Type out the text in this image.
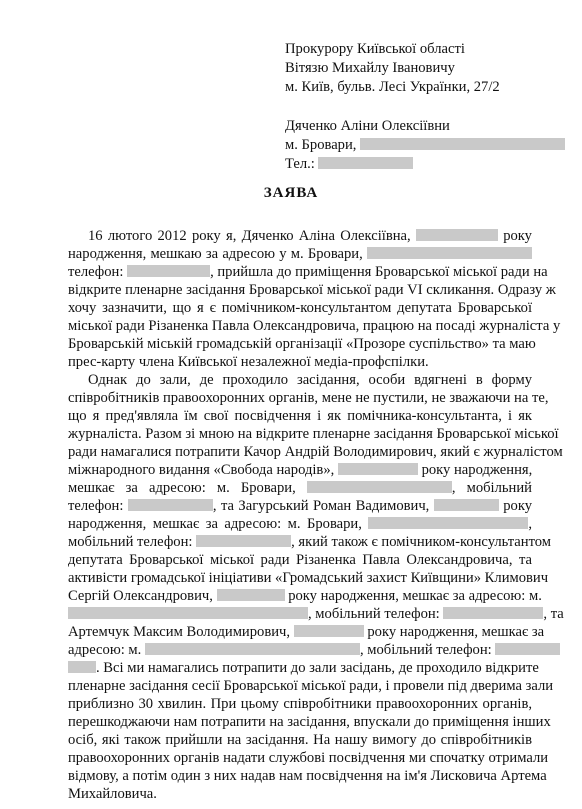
Прокурору Київської області
Вітязю Михайлу Івановичу
м. Київ, бульв. Лесі Українки, 27/2
Дяченко Аліни Олексіївни
м. Бровари,
Тел.:
ЗАЯВА
16 лютого 2012 року я, Дяченко Аліна Олексіївна,	року
народження, мешкаю за адресою у м. Бровари,
телефон:	, прийшла до приміщення Броварської міської ради на
відкрите пленарне засідання Броварської міської ради VI скликання. Одразу ж
хочу зазначити, що я є помічником-консультантом депутата Броварської
міської ради Різаненка Павла Олександровича, працюю на посаді журналіста у
Броварській міській громадській організації «Прозоре суспільство» та маю
прес-карту члена Київської незалежної медіа-профспілки.
Однак до зали, де проходило засідання, особи вдягнені в форму
співробітників правоохоронних органів, мене не пустили, не зважаючи на те,
що я пред'являла їм свої посвідчення і як помічника-консультанта, і як
журналіста. Разом зі мною на відкрите пленарне засідання Броварської міської
ради намагалися потрапити Качор Андрій Володимирович, який є журналістом
міжнародного видання «Свобода народів»,	року народження,
мешкає за адресою: м. Бровари,	, мобільний
телефон:	, та Загурський Роман Вадимович,	року
народження, мешкає за адресою: м. Бровари,	,
мобільний телефон:	, який також є помічником-консультантом
депутата Броварської міської ради Різаненка Павла Олександровича, та
активісти громадської ініціативи «Громадський захист Київщини» Климович
Сергій Олександрович,	року народження, мешкає за адресою: м.
, мобільний телефон:	, та
Артемчук Максим Володимирович,	року народження, мешкає за
адресою: м.	, мобільний телефон:
. Всі ми намагались потрапити до зали засідань, де проходило відкрите
пленарне засідання сесії Броварської міської ради, і провели під дверима зали
приблизно 30 хвилин. При цьому співробітники правоохоронних органів,
перешкоджаючи нам потрапити на засідання, впускали до приміщення інших
осіб, які також прийшли на засідання. На нашу вимогу до співробітників
правоохоронних органів надати службові посвідчення ми спочатку отримали
відмову, а потім один з них надав нам посвідчення на ім'я Лисковича Артема
Михайловича.
